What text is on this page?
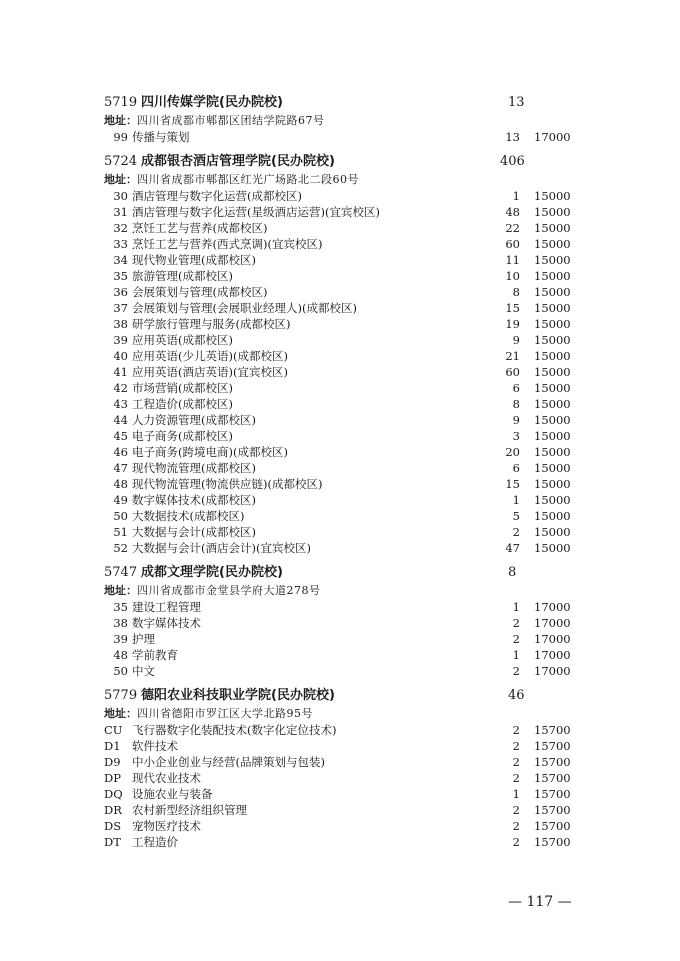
5719 四川传媒学院(民办院校)	13
地址：四川省成都市郫都区团结学院路67号
99 传播与策划	13 17000
5724 成都银杏酒店管理学院(民办院校)	406
地址：四川省成都市郫都区红光广场路北二段60号
30 酒店管理与数字化运营(成都校区)	1 15000
31 酒店管理与数字化运营(星级酒店运营)(宜宾校区)	48 15000
32 烹饪工艺与营养(成都校区)	22 15000
33 烹饪工艺与营养(西式烹调)(宜宾校区)	60 15000
34 现代物业管理(成都校区)	11 15000
35 旅游管理(成都校区)	10 15000
36 会展策划与管理(成都校区)	8 15000
37 会展策划与管理(会展职业经理人)(成都校区)	15 15000
38 研学旅行管理与服务(成都校区)	19 15000
39 应用英语(成都校区)	9 15000
40 应用英语(少儿英语)(成都校区)	21 15000
41 应用英语(酒店英语)(宜宾校区)	60 15000
42 市场营销(成都校区)	6 15000
43 工程造价(成都校区)	8 15000
44 人力资源管理(成都校区)	9 15000
45 电子商务(成都校区)	3 15000
46 电子商务(跨境电商)(成都校区)	20 15000
47 现代物流管理(成都校区)	6 15000
48 现代物流管理(物流供应链)(成都校区)	15 15000
49 数字媒体技术(成都校区)	1 15000
50 大数据技术(成都校区)	5 15000
51 大数据与会计(成都校区)	2 15000
52 大数据与会计(酒店会计)(宜宾校区)	47 15000
5747 成都文理学院(民办院校)	8
地址：四川省成都市金堂县学府大道278号
35 建设工程管理	1 17000
38 数字媒体技术	2 17000
39 护理	2 17000
48 学前教育	1 17000
50 中文	2 17000
5779 德阳农业科技职业学院(民办院校)	46
地址：四川省德阳市罗江区大学北路95号
CU 飞行器数字化装配技术(数字化定位技术)	2 15700
D1 软件技术	2 15700
D9 中小企业创业与经营(品牌策划与包装)	2 15700
DP 现代农业技术	2 15700
DQ 设施农业与装备	1 15700
DR 农村新型经济组织管理	2 15700
DS 宠物医疗技术	2 15700
DT 工程造价	2 15700
— 117 —
